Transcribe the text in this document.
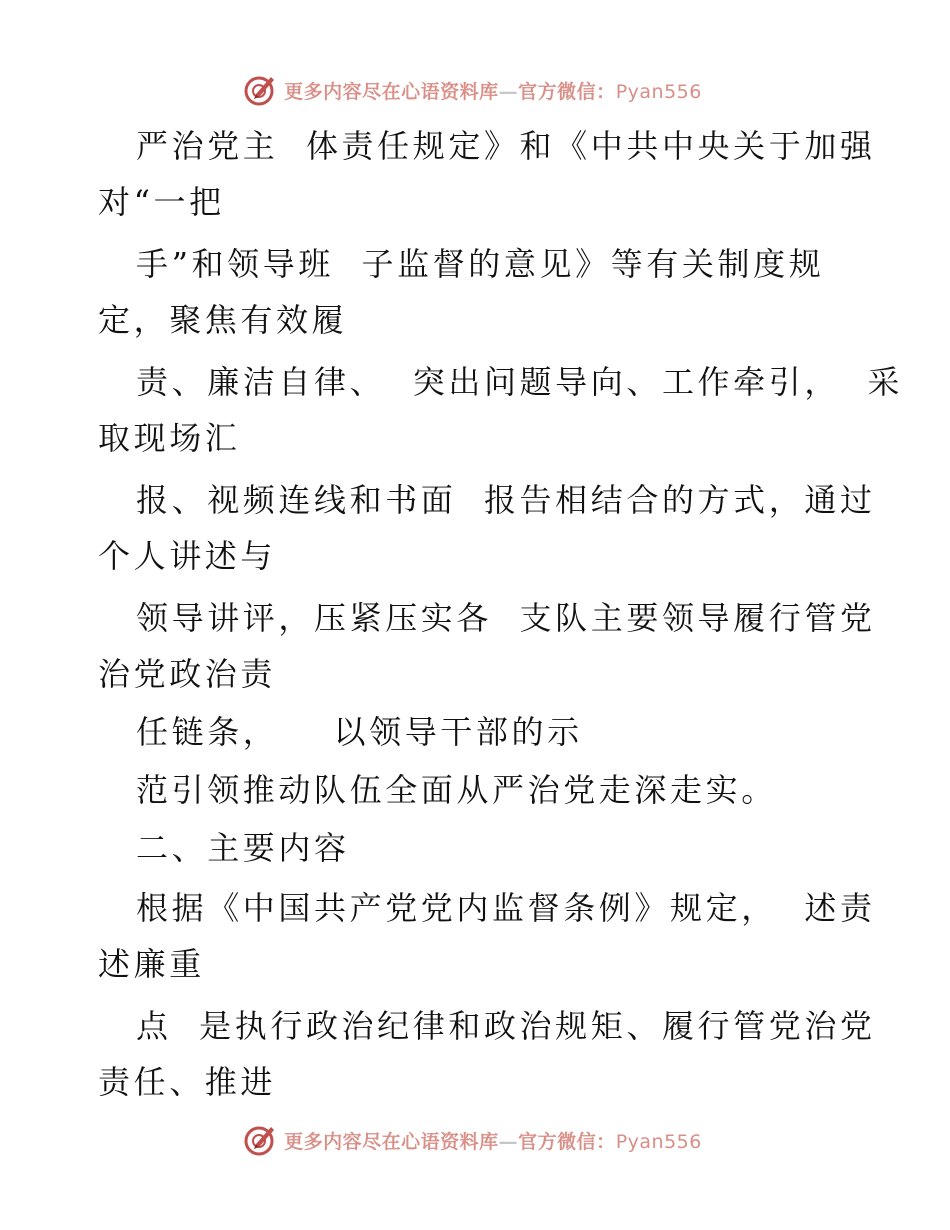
更多内容尽在心语资料库—官方微信：Pyan556
严治党主  体责任规定》和《中共中央关于加强
对“一把
手”和领导班  子监督的意见》等有关制度规
定，聚焦有效履
责、廉洁自律、  突出问题导向、工作牵引，  采
取现场汇
报、视频连线和书面  报告相结合的方式，通过
个人讲述与
领导讲评，压紧压实各  支队主要领导履行管党
治党政治责
任链条，    以领导干部的示
范引领推动队伍全面从严治党走深走实。
二、主要内容
根据《中国共产党党内监督条例》规定，  述责
述廉重
点  是执行政治纪律和政治规矩、履行管党治党
责任、推进
更多内容尽在心语资料库—官方微信：Pyan556
